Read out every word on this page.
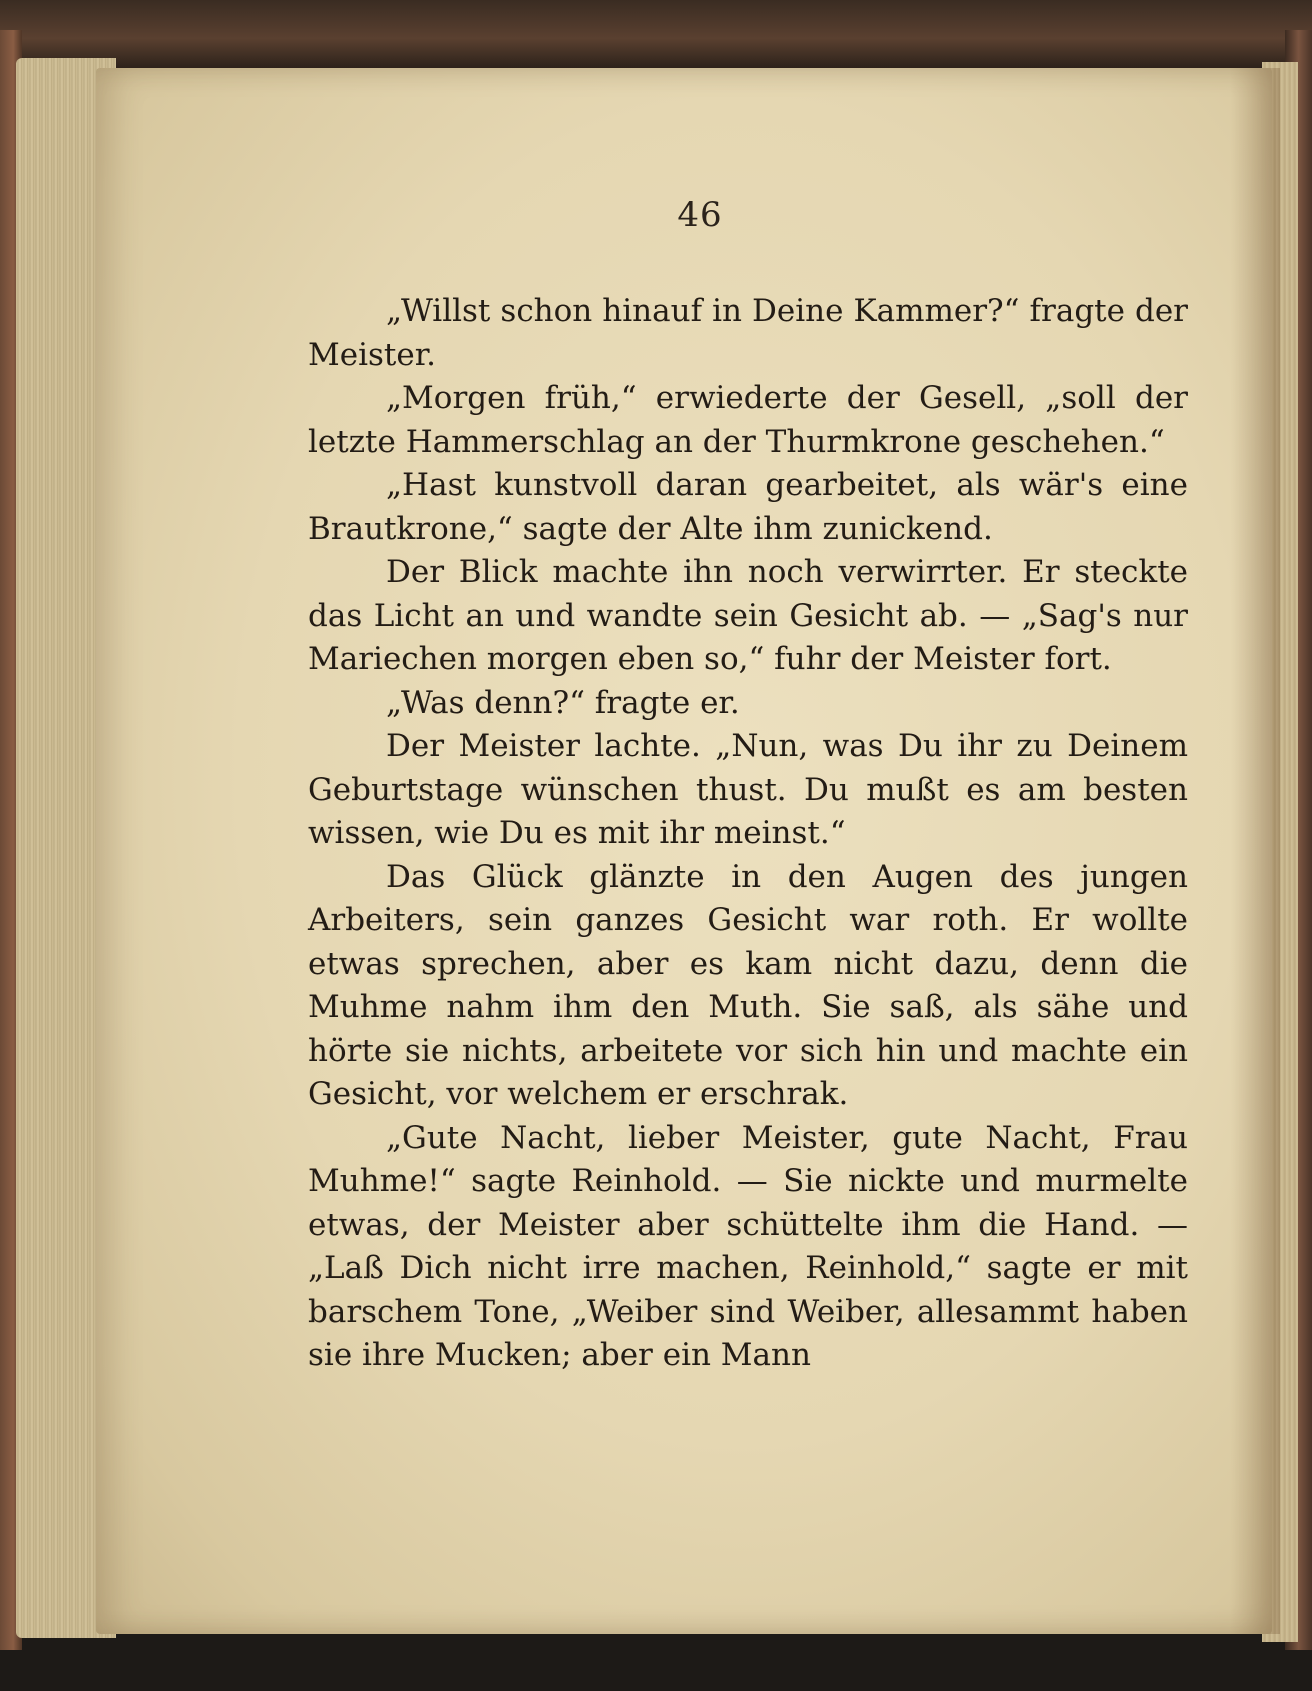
46

„Willst schon hinauf in Deine Kammer?“ fragte der Meister.

„Morgen früh,“ erwiederte der Gesell, „soll der letzte Hammerschlag an der Thurmkrone geschehen.“

„Hast kunstvoll daran gearbeitet, als wär's eine Brautkrone,“ sagte der Alte ihm zunickend.

Der Blick machte ihn noch verwirrter. Er steckte das Licht an und wandte sein Gesicht ab. — „Sag's nur Mariechen morgen eben so,“ fuhr der Meister fort.

„Was denn?“ fragte er.

Der Meister lachte. „Nun, was Du ihr zu Deinem Geburtstage wünschen thust. Du mußt es am besten wissen, wie Du es mit ihr meinst.“

Das Glück glänzte in den Augen des jungen Arbeiters, sein ganzes Gesicht war roth. Er wollte etwas sprechen, aber es kam nicht dazu, denn die Muhme nahm ihm den Muth. Sie saß, als sähe und hörte sie nichts, arbeitete vor sich hin und machte ein Gesicht, vor welchem er erschrak.

„Gute Nacht, lieber Meister, gute Nacht, Frau Muhme!“ sagte Reinhold. — Sie nickte und murmelte etwas, der Meister aber schüttelte ihm die Hand. — „Laß Dich nicht irre machen, Reinhold,“ sagte er mit barschem Tone, „Weiber sind Weiber, allesammt haben sie ihre Mucken; aber ein Mann
